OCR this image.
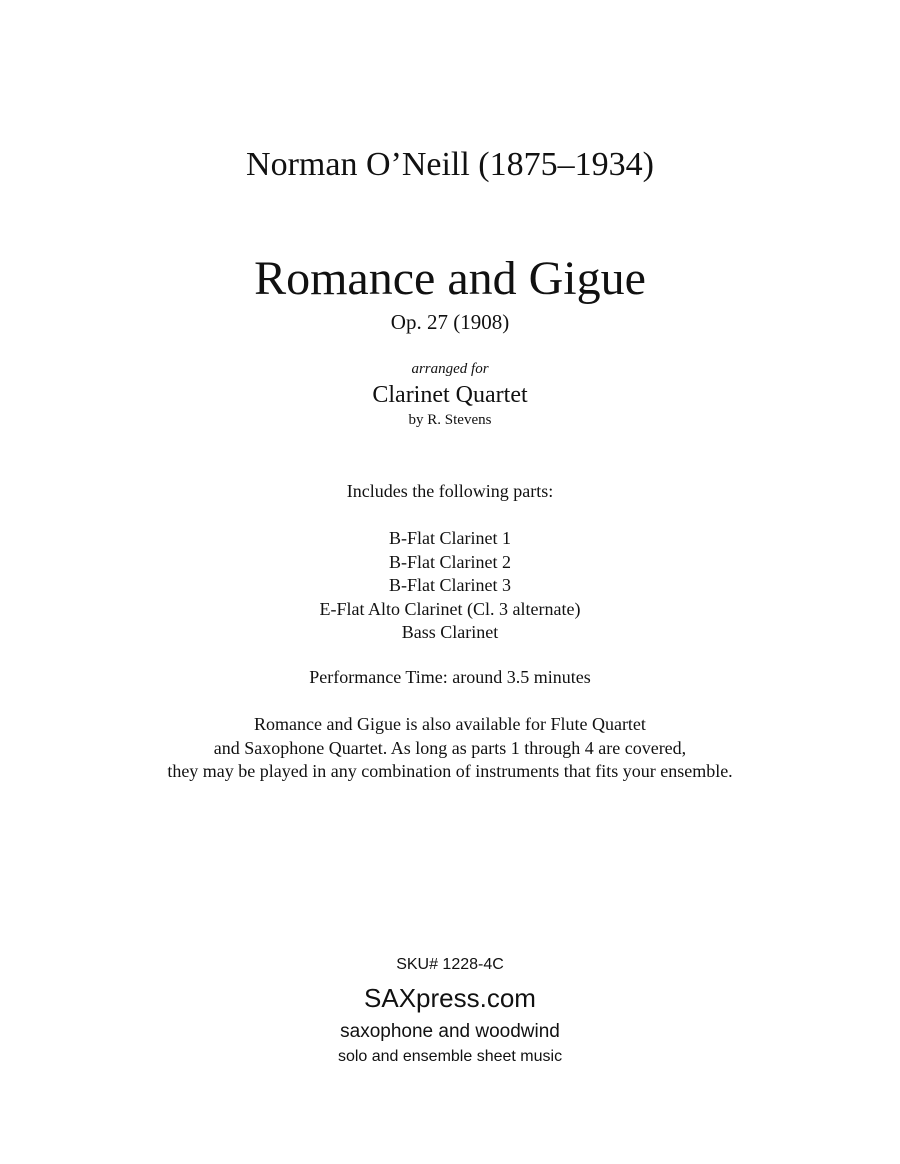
Norman O’Neill (1875–1934)
Romance and Gigue
Op. 27 (1908)
arranged for
Clarinet Quartet
by R. Stevens
Includes the following parts:
B-Flat Clarinet 1
B-Flat Clarinet 2
B-Flat Clarinet 3
E-Flat Alto Clarinet (Cl. 3 alternate)
Bass Clarinet
Performance Time: around 3.5 minutes
Romance and Gigue is also available for Flute Quartet
and Saxophone Quartet. As long as parts 1 through 4 are covered,
they may be played in any combination of instruments that fits your ensemble.
SKU# 1228-4C
SAXpress.com
saxophone and woodwind
solo and ensemble sheet music
